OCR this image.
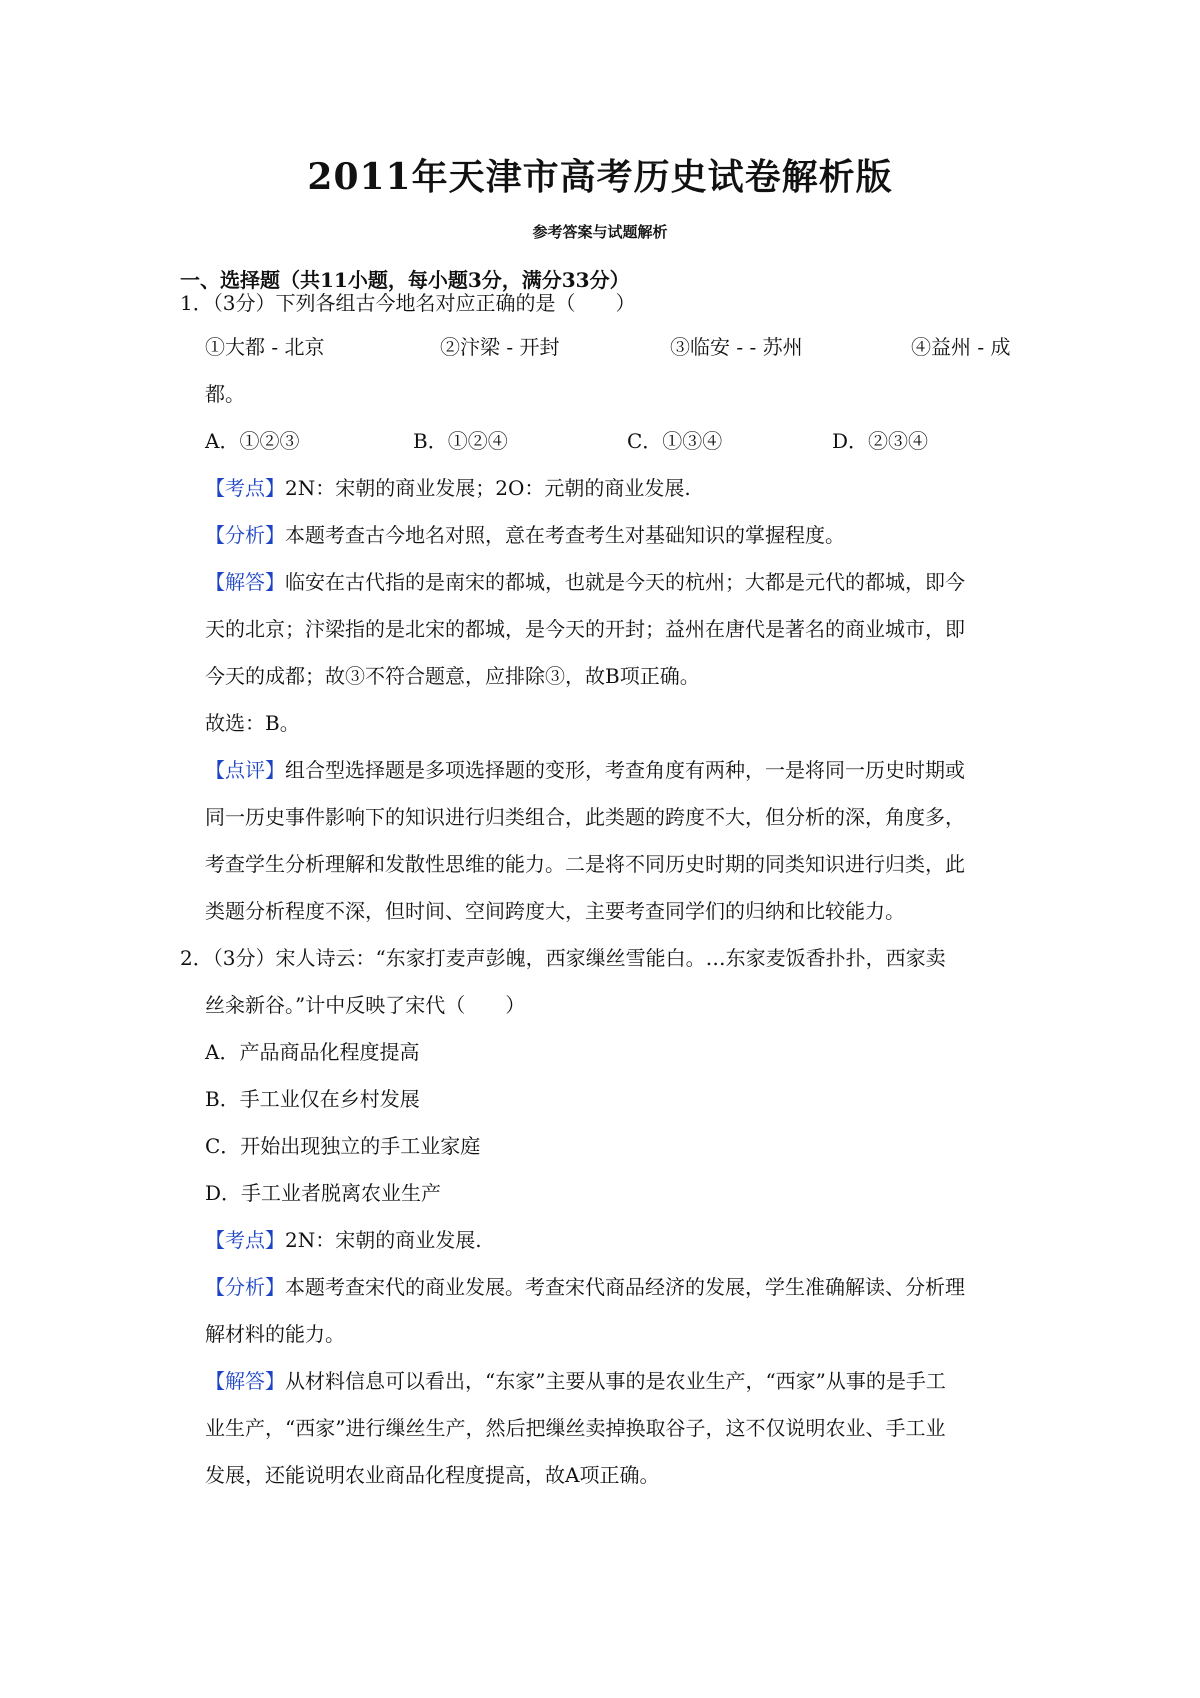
2011年天津市高考历史试卷解析版
参考答案与试题解析
一、选择题（共11小题，每小题3分，满分33分）
1．（3分）下列各组古今地名对应正确的是（　　）
①大都 - 北京	②汴梁 - 开封	③临安 - - 苏州	④益州 - 成
都。
A．①②③	B．①②④	C．①③④	D．②③④
【考点】2N：宋朝的商业发展；2O：元朝的商业发展.
【分析】本题考查古今地名对照，意在考查考生对基础知识的掌握程度。
【解答】临安在古代指的是南宋的都城，也就是今天的杭州；大都是元代的都城，即今
天的北京；汴梁指的是北宋的都城，是今天的开封；益州在唐代是著名的商业城市，即
今天的成都；故③不符合题意，应排除③，故B项正确。
故选：B。
【点评】组合型选择题是多项选择题的变形，考查角度有两种，一是将同一历史时期或
同一历史事件影响下的知识进行归类组合，此类题的跨度不大，但分析的深，角度多，
考查学生分析理解和发散性思维的能力。二是将不同历史时期的同类知识进行归类，此
类题分析程度不深，但时间、空间跨度大，主要考查同学们的归纳和比较能力。
2．（3分）宋人诗云：“东家打麦声彭魄，西家缫丝雪能白。…东家麦饭香扑扑，西家卖
丝籴新谷。”计中反映了宋代（　　）
A．产品商品化程度提高
B．手工业仅在乡村发展
C．开始出现独立的手工业家庭
D．手工业者脱离农业生产
【考点】2N：宋朝的商业发展.
【分析】本题考查宋代的商业发展。考查宋代商品经济的发展，学生准确解读、分析理
解材料的能力。
【解答】从材料信息可以看出，“东家”主要从事的是农业生产，“西家”从事的是手工
业生产，“西家”进行缫丝生产，然后把缫丝卖掉换取谷子，这不仅说明农业、手工业
发展，还能说明农业商品化程度提高，故A项正确。
